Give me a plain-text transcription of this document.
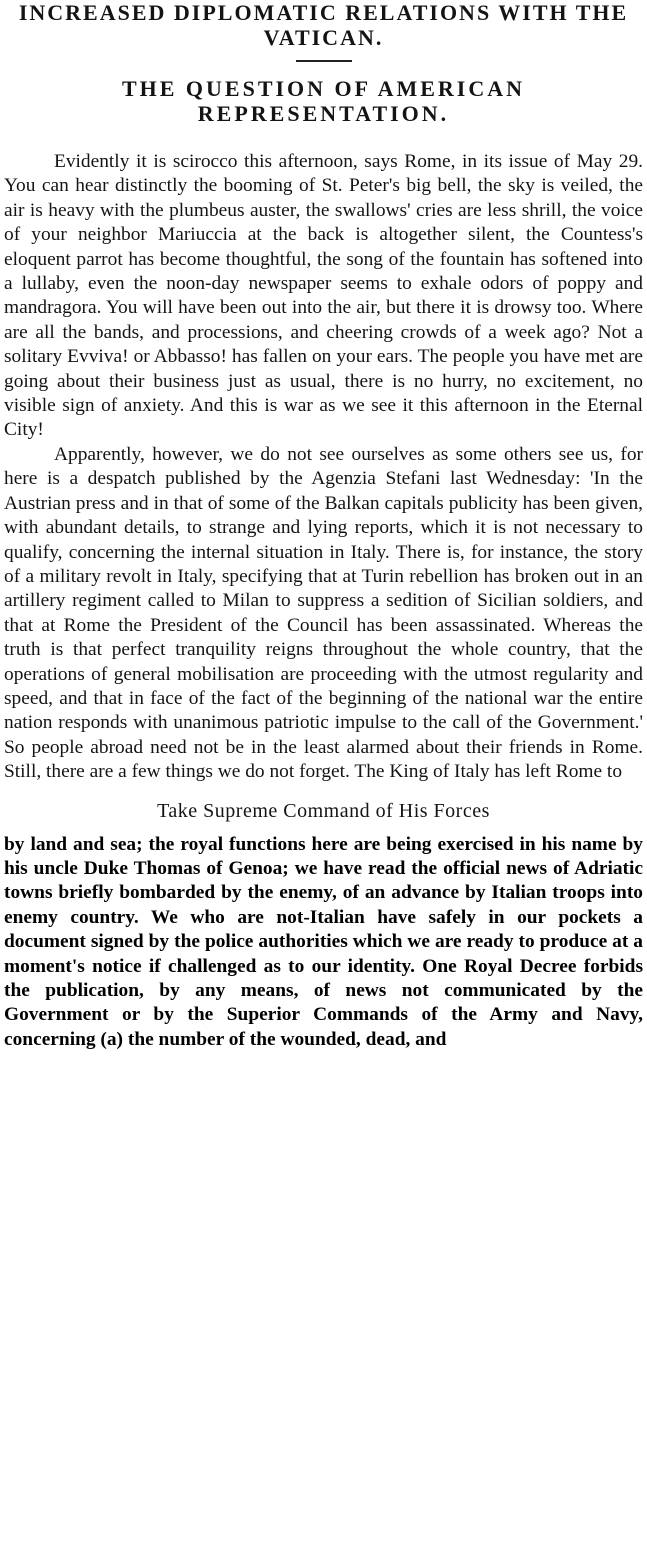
INCREASED DIPLOMATIC RELATIONS WITH THE VATICAN.
THE QUESTION OF AMERICAN REPRESENTATION.

Evidently it is scirocco this afternoon, says Rome, in its issue of May 29. You can hear distinctly the booming of St. Peter's big bell, the sky is veiled, the air is heavy with the plumbeus auster, the swallows' cries are less shrill, the voice of your neighbor Mariuccia at the back is altogether silent, the Countess's eloquent parrot has become thoughtful, the song of the fountain has softened into a lullaby, even the noon-day newspaper seems to exhale odors of poppy and mandragora. You will have been out into the air, but there it is drowsy too. Where are all the bands, and processions, and cheering crowds of a week ago? Not a solitary Evviva! or Abbasso! has fallen on your ears. The people you have met are going about their business just as usual, there is no hurry, no excitement, no visible sign of anxiety. And this is war as we see it this afternoon in the Eternal City!

Apparently, however, we do not see ourselves as some others see us, for here is a despatch published by the Agenzia Stefani last Wednesday: 'In the Austrian press and in that of some of the Balkan capitals publicity has been given, with abundant details, to strange and lying reports, which it is not necessary to qualify, concerning the internal situation in Italy. There is, for instance, the story of a military revolt in Italy, specifying that at Turin rebellion has broken out in an artillery regiment called to Milan to suppress a sedition of Sicilian soldiers, and that at Rome the President of the Council has been assassinated. Whereas the truth is that perfect tranquility reigns throughout the whole country, that the operations of general mobilisation are proceeding with the utmost regularity and speed, and that in face of the fact of the beginning of the national war the entire nation responds with unanimous patriotic impulse to the call of the Government.' So people abroad need not be in the least alarmed about their friends in Rome. Still, there are a few things we do not forget. The King of Italy has left Rome to

Take Supreme Command of His Forces

by land and sea; the royal functions here are being exercised in his name by his uncle Duke Thomas of Genoa; we have read the official news of Adriatic towns briefly bombarded by the enemy, of an advance by Italian troops into enemy country. We who are not-Italian have safely in our pockets a document signed by the police authorities which we are ready to produce at a moment's notice if challenged as to our identity. One Royal Decree forbids the publication, by any means, of news not communicated by the Government or by the Superior Commands of the Army and Navy, concerning (a) the number of the wounded, dead, and
